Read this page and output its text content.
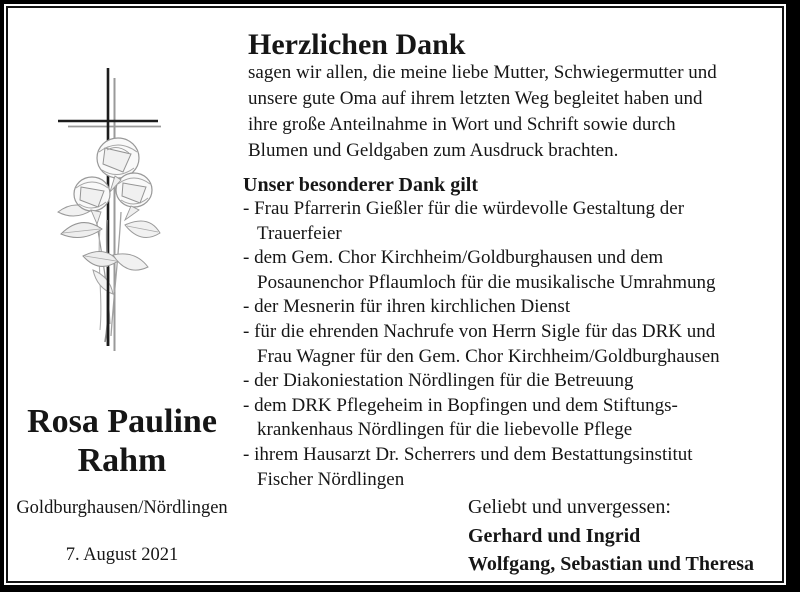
Herzlichen Dank
sagen wir allen, die meine liebe Mutter, Schwiegermutter und
unsere gute Oma auf ihrem letzten Weg begleitet haben und
ihre große Anteilnahme in Wort und Schrift sowie durch
Blumen und Geldgaben zum Ausdruck brachten.
Unser besonderer Dank gilt
- Frau Pfarrerin Gießler für die würdevolle Gestaltung der
Trauerfeier
- dem Gem. Chor Kirchheim/Goldburghausen und dem
Posaunenchor Pflaumloch für die musikalische Umrahmung
- der Mesnerin für ihren kirchlichen Dienst
- für die ehrenden Nachrufe von Herrn Sigle für das DRK und
Frau Wagner für den Gem. Chor Kirchheim/Goldburghausen
- der Diakoniestation Nördlingen für die Betreuung
- dem DRK Pflegeheim in Bopfingen und dem Stiftungs-
krankenhaus Nördlingen für die liebevolle Pflege
- ihrem Hausarzt Dr. Scherrers und dem Bestattungsinstitut
Fischer Nördlingen
Geliebt und unvergessen:
Gerhard und Ingrid
Wolfgang, Sebastian und Theresa
Rosa Pauline
Rahm
Goldburghausen/Nördlingen
7. August 2021
